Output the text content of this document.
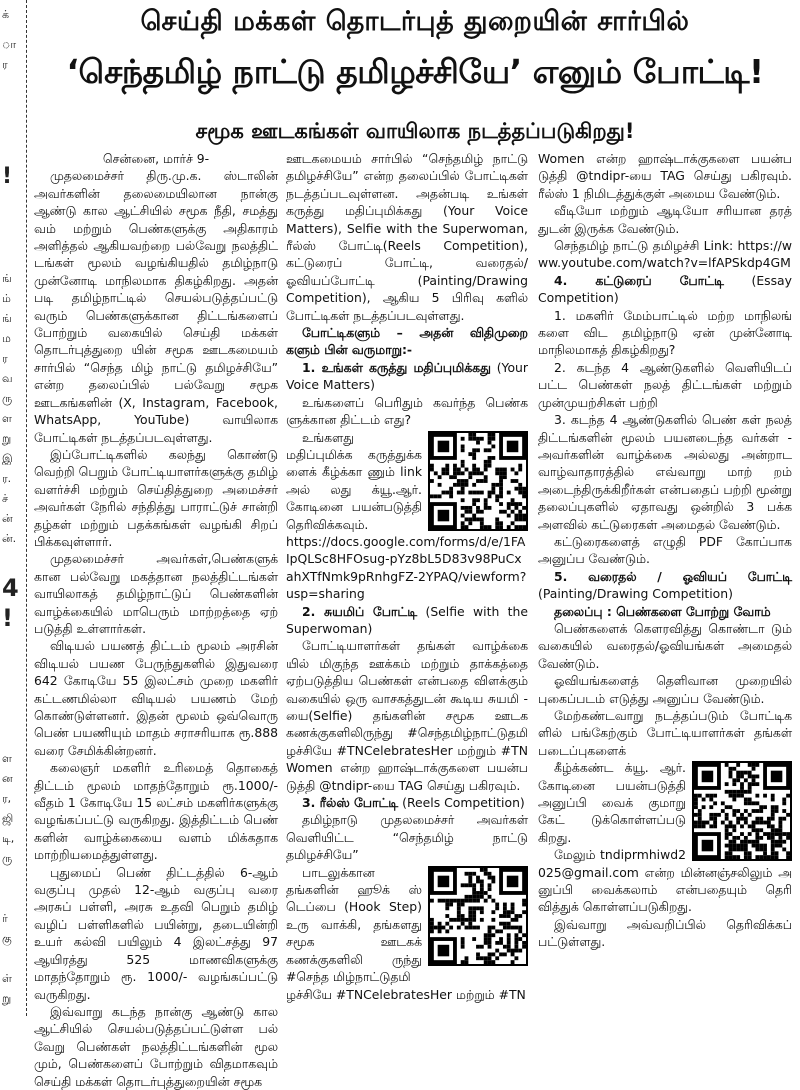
க்
ா
ர
!
ங்
ம்
ங்
ம
ர
வ
ரு
ள
று
இ
ர.
ச்
ன்
ன்.
4
!
ள
ன
ர,
ஜி
டி,
ரு
ர்
கு
ள்
று
செய்தி மக்கள் தொடர்புத் துறையின் சார்பில்
‘செந்தமிழ் நாட்டு தமிழச்சியே’ எனும் போட்டி!
சமூக ஊடகங்கள் வாயிலாக நடத்தப்படுகிறது!

சென்னை, மார்ச் 9-

முதலமைச்சர் திரு.மு.க. ஸ்டாலின் அவர்களின் தலைமையிலான நான்கு ஆண்டு கால ஆட்சியில் சமூக நீதி, சமத்து வம் மற்றும் பெண்களுக்கு அதிகாரம் அளித்தல் ஆகியவற்றை பல்வேறு நலத்திட் டங்கள் மூலம் வழங்கியதில் தமிழ்நாடு முன்னோடி மாநிலமாக திகழ்கிறது. அதன் படி தமிழ்நாட்டில் செயல்படுத்தப்பட்டு வரும் பெண்களுக்கான திட்டங்களைப் போற்றும் வகையில் செய்தி மக்கள் தொடர்புத்துறை யின் சமூக ஊடகமையம் சார்பில் “செந்த மிழ் நாட்டு தமிழச்சியே” என்ற தலைப்பில் பல்வேறு சமூக ஊடகங்களின் (X, Instagram, Facebook, WhatsApp, YouTube) வாயிலாக போட்டிகள் நடத்தப்படவுள்ளது.

இப்போட்டிகளில் கலந்து கொண்டு வெற்றி பெறும் போட்டியாளர்களுக்கு தமிழ் வளர்ச்சி மற்றும் செய்தித்துறை அமைச்சர் அவர்கள் நேரில் சந்தித்து பாராட்டுச் சான்றி தழ்கள் மற்றும் பதக்கங்கள் வழங்கி சிறப் பிக்கவுள்ளார்.

முதலமைச்சர் அவர்கள்,பெண்களுக் கான பல்வேறு மகத்தான நலத்திட்டங்கள் வாயிலாகத் தமிழ்நாட்டுப் பெண்களின் வாழ்க்கையில் மாபெரும் மாற்றத்தை ஏற் படுத்தி உள்ளார்கள்.

விடியல் பயணத் திட்டம் மூலம் அரசின் விடியல் பயண பேருந்துகளில் இதுவரை 642 கோடியே 55 இலட்சம் முறை மகளிர் கட்டணமில்லா விடியல் பயணம் மேற் கொண்டுள்ளனர். இதன் மூலம் ஒவ்வொரு பெண் பயணியும் மாதம் சராசரியாக ரூ.888 வரை சேமிக்கின்றனர்.

கலைஞர் மகளிர் உரிமைத் தொகைத் திட்டம் மூலம் மாதந்தோறும் ரூ.1000/- வீதம் 1 கோடியே 15 லட்சம் மகளிர்களுக்கு வழங்கப்பட்டு வருகிறது. இத்திட்டம் பெண் களின் வாழ்க்கையை வளம் மிக்கதாக மாற்றியமைத்துள்ளது.

புதுமைப் பெண் திட்டத்தில் 6-ஆம் வகுப்பு முதல் 12-ஆம் வகுப்பு வரை அரசுப் பள்ளி, அரசு உதவி பெறும் தமிழ் வழிப் பள்ளிகளில் பயின்று, தடையின்றி உயர் கல்வி பயிலும் 4 இலட்சத்து 97 ஆயிரத்து 525 மாணவிகளுக்கு மாதந்தோறும் ரூ. 1000/- வழங்கப்பட்டு வருகிறது.

இவ்வாறு கடந்த நான்கு ஆண்டு கால ஆட்சியில் செயல்படுத்தப்பட்டுள்ள பல் வேறு பெண்கள் நலத்திட்டங்களின் மூல மும், பெண்களைப் போற்றும் விதமாகவும் செய்தி மக்கள் தொடர்புத்துறையின் சமூக

ஊடகமையம் சார்பில் “செந்தமிழ் நாட்டு தமிழச்சியே” என்ற தலைப்பில் போட்டிகள் நடத்தப்படவுள்ளன. அதன்படி உங்கள் கருத்து மதிப்புமிக்கது (Your Voice Matters), Selfie with the Superwoman, ரீல்ஸ் போட்டி(Reels Competition), கட்டுரைப் போட்டி, வரைதல்/ஓவியப்போட்டி (Painting/Drawing Competition), ஆகிய 5 பிரிவு களில் போட்டிகள் நடத்தப்படவுள்ளது.

போட்டிகளும் – அதன் விதிமுறை களும் பின் வருமாறு:-

1. உங்கள் கருத்து மதிப்புமிக்கது (Your Voice Matters)

உங்களைப் பெரிதும் கவர்ந்த பெண்க ளுக்கான திட்டம் எது?

உங்களது மதிப்புமிக்க கருத்துக்க ளைக் கீழ்க்கா ணும் link அல் லது க்யூ.ஆர். கோடினை பயன்படுத்தி தெரிவிக்கவும்.

https://docs.google.com/forms/d/e/1FAIpQLSc8HFOsug-pYz8bL5D83v98PuCxahXTfNmk9pRnhgFZ-2YPAQ/viewform?usp=sharing

2. சுயமிப் போட்டி (Selfie with the Superwoman)

போட்டியாளர்கள் தங்கள் வாழ்க்கை யில் மிகுந்த ஊக்கம் மற்றும் தாக்கத்தை ஏற்படுத்திய பெண்கள் என்பதை விளக்கும் வகையில் ஒரு வாசகத்துடன் கூடிய சுயமி - யை(Selfie) தங்களின் சமூக ஊடக கணக்குகளிலிருந்து #செந்தமிழ்நாட்டுதமி ழச்சியே #TNCelebratesHer மற்றும் #TN Women என்ற ஹாஷ்டாக்குகளை பயன்ப டுத்தி @tndipr-யை TAG செய்து பகிரவும்.

3. ரீல்ஸ் போட்டி (Reels Competition)

தமிழ்நாடு முதலமைச்சர் அவர்கள் வெளியிட்ட “செந்தமிழ் நாட்டு தமிழச்சியே”

பாடலுக்கான தங்களின் ஹூக் ஸ் டெப்பை (Hook Step) உரு வாக்கி, தங்களது சமூக ஊடகக் கணக்குகளிலி ருந்து #செந்த மிழ்நாட்டுதமி

ழச்சியே #TNCelebratesHer மற்றும் #TN

Women என்ற ஹாஷ்டாக்குகளை பயன்ப டுத்தி @tndipr-யை TAG செய்து பகிரவும். ரீல்ஸ் 1 நிமிடத்துக்குள் அமைய வேண்டும்.

வீடியோ மற்றும் ஆடியோ சரியான தரத் துடன் இருக்க வேண்டும்.

செந்தமிழ் நாட்டு தமிழச்சி Link: https://www.youtube.com/watch?v=lfAPSkdp4GM

4. கட்டுரைப் போட்டி (Essay Competition)

1. மகளிர் மேம்பாட்டில் மற்ற மாநிலங் களை விட தமிழ்நாடு ஏன் முன்னோடி மாநிலமாகத் திகழ்கிறது?

2. கடந்த 4 ஆண்டுகளில் வெளியிடப் பட்ட பெண்கள் நலத் திட்டங்கள் மற்றும் முன்முயற்சிகள் பற்றி

3. கடந்த 4 ஆண்டுகளில் பெண் கள் நலத் திட்டங்களின் மூலம் பயனடைந்த வர்கள் - அவர்களின் வாழ்க்கை அல்லது அன்றாட வாழ்வாதாரத்தில் எவ்வாறு மாற் றம் அடைந்திருக்கிறீர்கள் என்பதைப் பற்றி மூன்று தலைப்புகளில் ஏதாவது ஒன்றில் 3 பக்க அளவில் கட்டுரைகள் அமைதல் வேண்டும்.

கட்டுரைகளைத் எழுதி PDF கோப்பாக அனுப்ப வேண்டும்.

5. வரைதல் / ஓவியப் போட்டி (Painting/Drawing Competition)

தலைப்பு : பெண்களை போற்று வோம்

பெண்களைக் கௌரவித்து கொண்டா டும் வகையில் வரைதல்/ஓவியங்கள் அமைதல் வேண்டும்.

ஓவியங்களைத் தெளிவான முறையில் புகைப்படம் எடுத்து அனுப்ப வேண்டும்.

மேற்கண்டவாறு நடத்தப்படும் போட்டிக ளில் பங்கேற்கும் போட்டியாளர்கள் தங்கள் படைப்புகளைக்

கீழ்க்கண்ட க்யூ. ஆர். கோடினை பயன்படுத்தி அனுப்பி வைக் குமாறு கேட் டுக்கொள்ளப்படு கிறது.

மேலும் tndiprmhiwd2025@gmail.com என்ற மின்னஞ்சலிலும் அனுப்பி வைக்கலாம் என்பதையும் தெரி வித்துக் கொள்ளப்படுகிறது.

இவ்வாறு அவ்வறிப்பில் தெரிவிக்கப் பட்டுள்ளது.
